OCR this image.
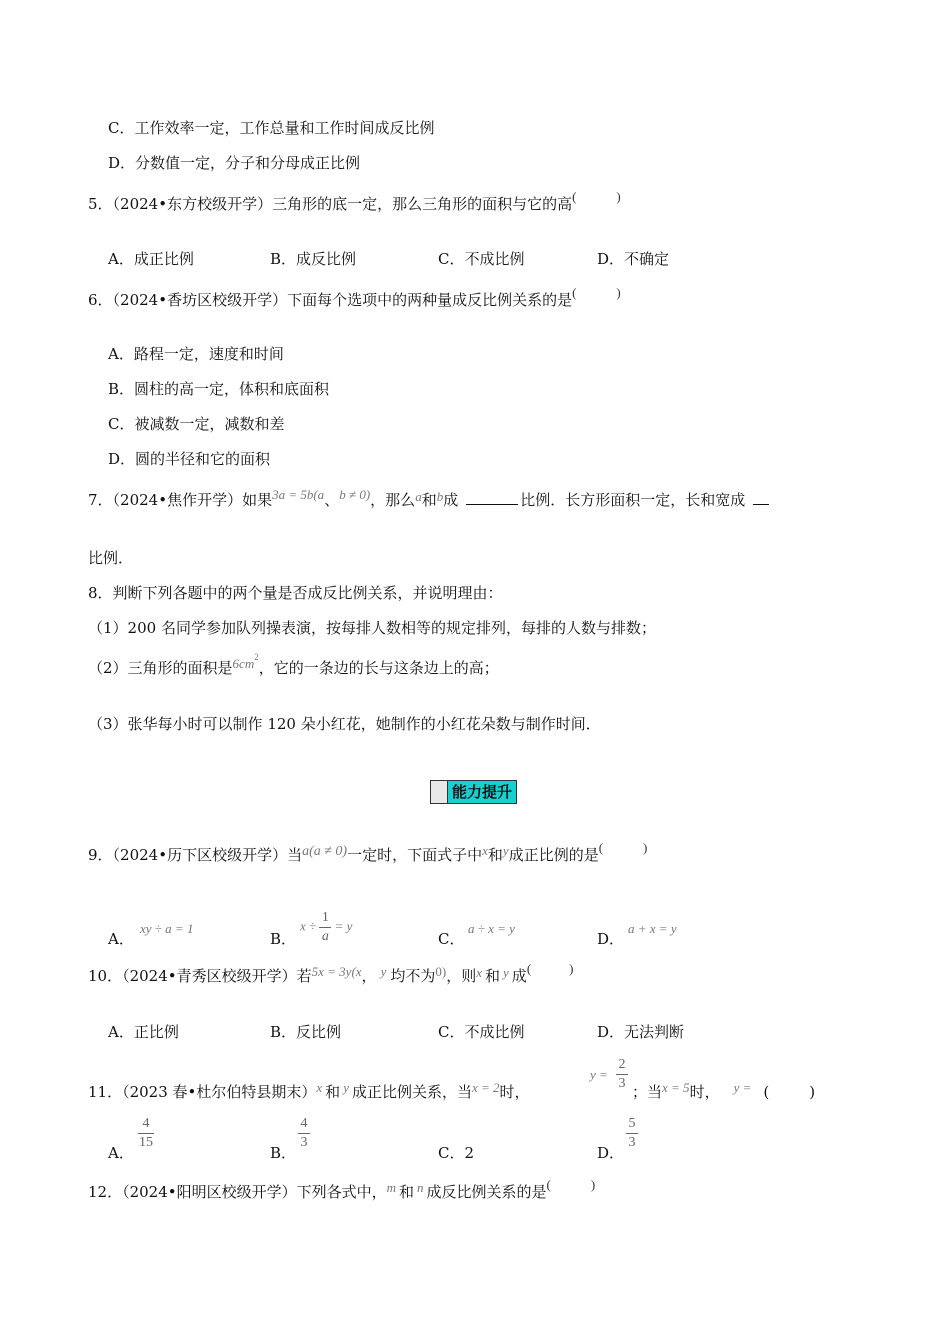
C．工作效率一定，工作总量和工作时间成反比例
D．分数值一定，分子和分母成正比例
5．（2024•东方校级开学）三角形的底一定，那么三角形的面积与它的高(	)
A．成正比例	B．成反比例	C．不成比例	D．不确定
6．（2024•香坊区校级开学）下面每个选项中的两种量成反比例关系的是(	)
A．路程一定，速度和时间
B．圆柱的高一定，体积和底面积
C．被减数一定，减数和差
D．圆的半径和它的面积
7．（2024•焦作开学）如果3a = 5b(a、b ≠ 0)，那么a和b成	比例．长方形面积一定，长和宽成
比例．
8．判断下列各题中的两个量是否成反比例关系，并说明理由：
（1）200 名同学参加队列操表演，按每排人数相等的规定排列，每排的人数与排数；
（2）三角形的面积是$6cm^2$，它的一条边的长与这条边上的高；
（3）张华每小时可以制作 120 朵小红花，她制作的小红花朵数与制作时间．
能力提升
9．（2024•历下区校级开学）当a(a ≠ 0)一定时，下面式子中x和y成正比例的是(	)
A．
xy ÷ a = 1
B．
$x \div \frac{1}{a} = y$
C．
a ÷ x = y
D．
a + x = y
10．（2024•青秀区校级开学）若5x = 3y(x， y 均不为0)，则x 和 y 成(	)
A．正比例	B．反比例	C．不成比例	D．无法判断
11．（2023 春•杜尔伯特县期末）x 和 y 成正比例关系，当x = 2时，
$y = \frac{2}{3}$ ；当x = 5时， y = (	)
A．
$\frac{4}{15}$
B．
$\frac{4}{3}$
C．2	D．
$\frac{5}{3}$
12．（2024•阳明区校级开学）下列各式中，m 和 n 成反比例关系的是(	)
